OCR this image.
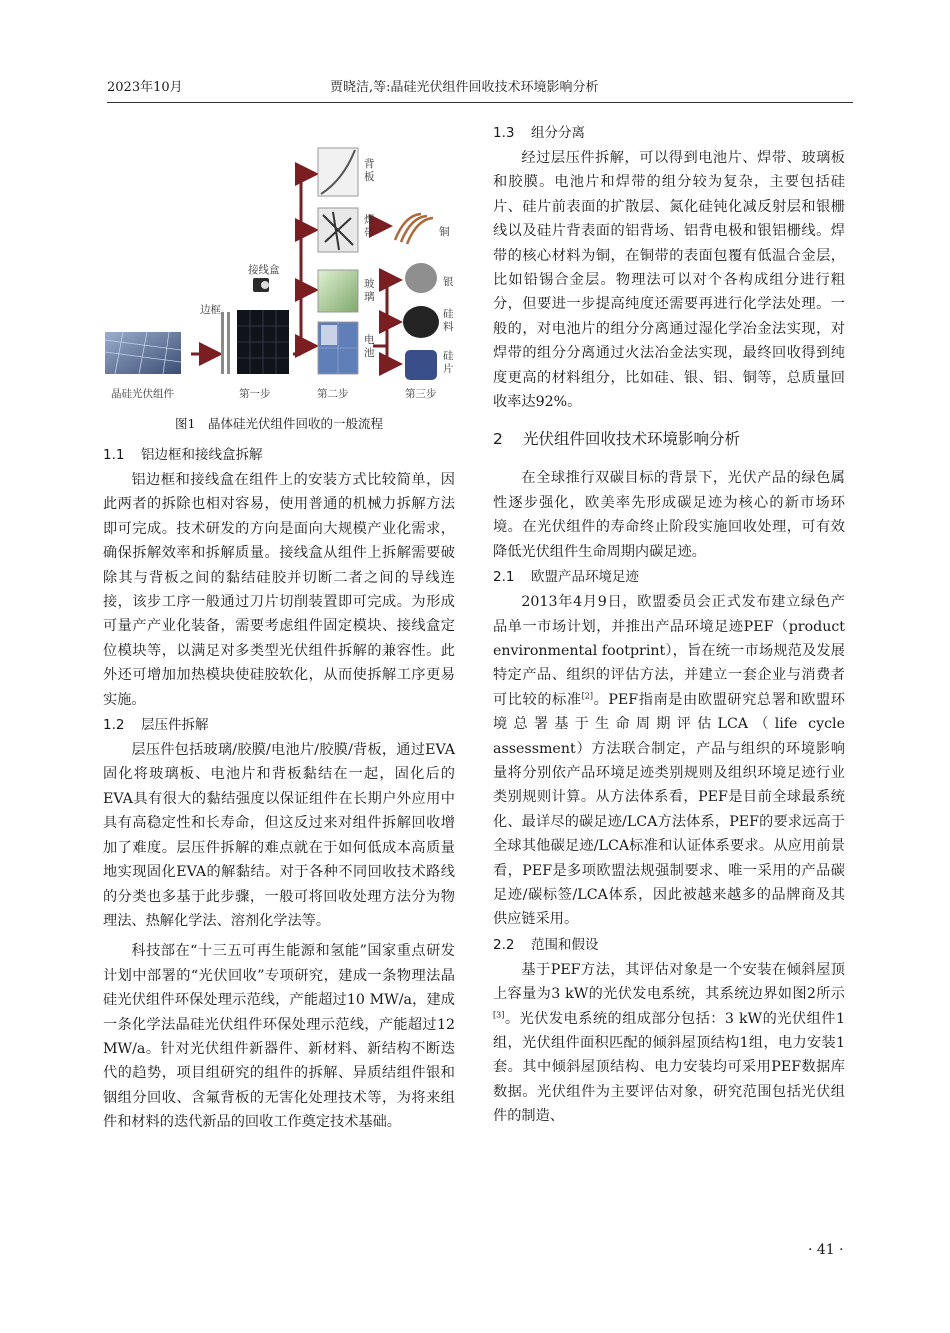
2023年10月	贾晓洁,等:晶硅光伏组件回收技术环境影响分析
晶硅光伏组件
边框
接线盒
第一步	第二步	第三步
背板
焊带
玻璃
电池
铜
银
硅料
硅片
图1　晶体硅光伏组件回收的一般流程
1.1 铝边框和接线盒拆解

铝边框和接线盒在组件上的安装方式比较简单，因此两者的拆除也相对容易，使用普通的机械力拆解方法即可完成。技术研发的方向是面向大规模产业化需求，确保拆解效率和拆解质量。接线盒从组件上拆解需要破除其与背板之间的黏结硅胶并切断二者之间的导线连接，该步工序一般通过刀片切削装置即可完成。为形成可量产产业化装备，需要考虑组件固定模块、接线盒定位模块等，以满足对多类型光伏组件拆解的兼容性。此外还可增加加热模块使硅胶软化，从而使拆解工序更易实施。

1.2 层压件拆解

层压件包括玻璃/胶膜/电池片/胶膜/背板，通过EVA固化将玻璃板、电池片和背板黏结在一起，固化后的EVA具有很大的黏结强度以保证组件在长期户外应用中具有高稳定性和长寿命，但这反过来对组件拆解回收增加了难度。层压件拆解的难点就在于如何低成本高质量地实现固化EVA的解黏结。对于各种不同回收技术路线的分类也多基于此步骤，一般可将回收处理方法分为物理法、热解化学法、溶剂化学法等。

科技部在“十三五可再生能源和氢能”国家重点研发计划中部署的“光伏回收”专项研究，建成一条物理法晶硅光伏组件环保处理示范线，产能超过10 MW/a，建成一条化学法晶硅光伏组件环保处理示范线，产能超过12 MW/a。针对光伏组件新器件、新材料、新结构不断迭代的趋势，项目组研究的组件的拆解、异质结组件银和铟组分回收、含氟背板的无害化处理技术等，为将来组件和材料的迭代新品的回收工作奠定技术基础。

1.3 组分分离

经过层压件拆解，可以得到电池片、焊带、玻璃板和胶膜。电池片和焊带的组分较为复杂，主要包括硅片、硅片前表面的扩散层、氮化硅钝化减反射层和银栅线以及硅片背表面的铝背场、铝背电极和银铝栅线。焊带的核心材料为铜，在铜带的表面包覆有低温合金层，比如铅锡合金层。物理法可以对个各构成组分进行粗分，但要进一步提高纯度还需要再进行化学法处理。一般的，对电池片的组分分离通过湿化学冶金法实现，对焊带的组分分离通过火法冶金法实现，最终回收得到纯度更高的材料组分，比如硅、银、铝、铜等，总质量回收率达92%。

2 光伏组件回收技术环境影响分析

在全球推行双碳目标的背景下，光伏产品的绿色属性逐步强化，欧美率先形成碳足迹为核心的新市场环境。在光伏组件的寿命终止阶段实施回收处理，可有效降低光伏组件生命周期内碳足迹。

2.1 欧盟产品环境足迹

2013年4月9日，欧盟委员会正式发布建立绿色产品单一市场计划，并推出产品环境足迹PEF（product environmental footprint），旨在统一市场规范及发展特定产品、组织的评估方法，并建立一套企业与消费者可比较的标准[2]。PEF指南是由欧盟研究总署和欧盟环境总署基于生命周期评估LCA（life cycle assessment）方法联合制定，产品与组织的环境影响量将分别依产品环境足迹类别规则及组织环境足迹行业类别规则计算。从方法体系看，PEF是目前全球最系统化、最详尽的碳足迹/LCA方法体系，PEF的要求远高于全球其他碳足迹/LCA标准和认证体系要求。从应用前景看，PEF是多项欧盟法规强制要求、唯一采用的产品碳足迹/碳标签/LCA体系，因此被越来越多的品牌商及其供应链采用。

2.2 范围和假设

基于PEF方法，其评估对象是一个安装在倾斜屋顶上容量为3 kW的光伏发电系统，其系统边界如图2所示[3]。光伏发电系统的组成部分包括：3 kW的光伏组件1组，光伏组件面积匹配的倾斜屋顶结构1组，电力安装1套。其中倾斜屋顶结构、电力安装均可采用PEF数据库数据。光伏组件为主要评估对象，研究范围包括光伏组件的制造、

· 41 ·
